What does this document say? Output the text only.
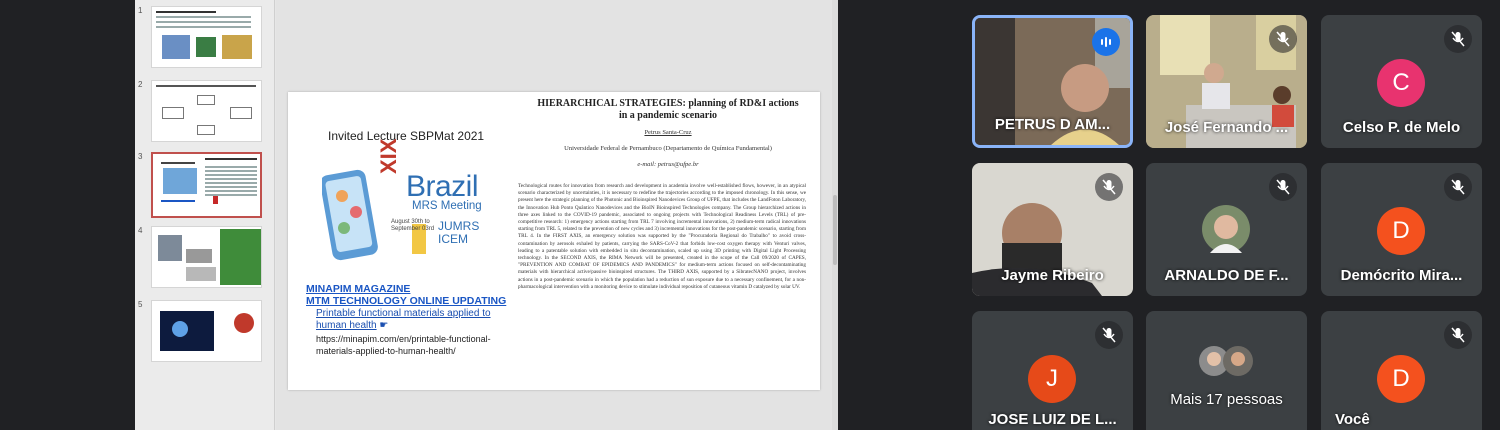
1
2
3
4
5
Invited Lecture SBPMat 2021
XIX
Brazil
MRS Meeting
August 30th to September 03rd JUMRS
ICEM
MINAPIM MAGAZINE
MTM TECHNOLOGY ONLINE UPDATING
Printable functional materials applied to human health ☛
https://minapim.com/en/printable-functional-materials-applied-to-human-health/
HIERARCHICAL STRATEGIES: planning of RD&I actions in a pandemic scenario
Petrus Santa-Cruz
Universidade Federal de Pernambuco (Departamento de Química Fundamental)
e-mail: petrus@ufpe.br
Technological routes for innovation from research and development in academia involve well-established flows, however, in an atypical scenario characterized by uncertainties, it is necessary to redefine the trajectories according to the imposed chronology. In this sense, we present here the strategic planning of the Photonic and Bioinspired Nanodevices Group of UFPE, that includes the LandFoton Laboratory, the Innovation Hub Ponto Quântico Nanodevices and the BioIN Bioinspired Technologies company. The Group hierarchized actions in three axes linked to the COVID-19 pandemic, associated to ongoing projects with Technological Readiness Levels (TRL) of pre-competitive research: 1) emergency actions starting from TRL 7 involving incremental innovations, 2) medium-term radical innovations starting from TRL 5, related to the prevention of new cycles and 3) incremental innovations for the post-pandemic scenario, starting from TRL 4. In the FIRST AXIS, an emergency solution was supported by the "Procuradoria Regional do Trabalho" to avoid cross-contamination by aerosols exhaled by patients, carrying the SARS-CoV-2 that forbids low-cost oxygen therapy with Venturi valves, leading to a patentable solution with embedded in situ decontamination, scaled up using 3D printing with Digital Light Processing technology. In the SECOND AXIS, the RIMA Network will be presented, created in the scope of the Call 09/2020 of CAPES, "PREVENTION AND COMBAT OF EPIDEMICS AND PANDEMICS" for medium-term actions focused on self-decontaminating materials with hierarchical active/passive bioinspired structures. The THIRD AXIS, supported by a SibratecNANO project, involves actions in a post-pandemic scenario in which the population had a reduction of sun exposure due to a necessary confinement, for a non-pharmacological intervention with a monitoring device to stimulate individual reposition of cutaneous vitamin D catalyzed by solar UV.
PETRUS D AM...	José Fernando ...
C
Celso P. de Melo
Jayme Ribeiro	ARNALDO DE F...
D
Demócrito Mira...
J
JOSE LUIZ DE L...
Mais 17 pessoas
D
Você
